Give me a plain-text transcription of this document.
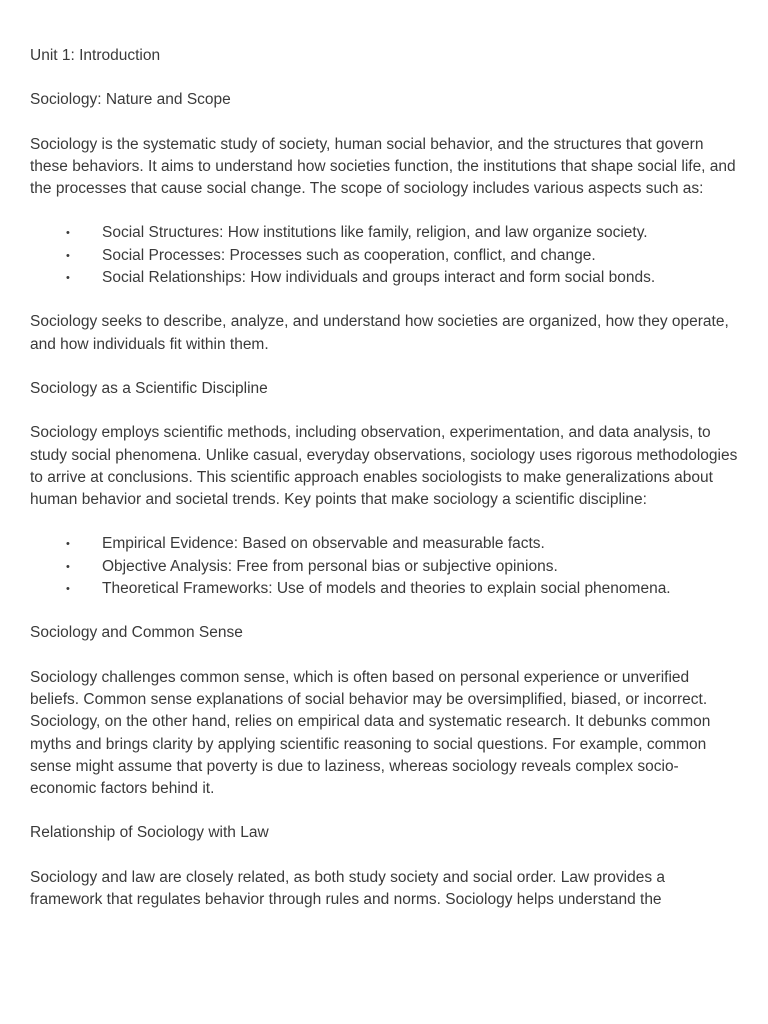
Unit 1: Introduction

Sociology: Nature and Scope

Sociology is the systematic study of society, human social behavior, and the structures that govern these behaviors. It aims to understand how societies function, the institutions that shape social life, and the processes that cause social change. The scope of sociology includes various aspects such as:

• Social Structures: How institutions like family, religion, and law organize society.
• Social Processes: Processes such as cooperation, conflict, and change.
• Social Relationships: How individuals and groups interact and form social bonds.

Sociology seeks to describe, analyze, and understand how societies are organized, how they operate, and how individuals fit within them.

Sociology as a Scientific Discipline

Sociology employs scientific methods, including observation, experimentation, and data analysis, to study social phenomena. Unlike casual, everyday observations, sociology uses rigorous methodologies to arrive at conclusions. This scientific approach enables sociologists to make generalizations about human behavior and societal trends. Key points that make sociology a scientific discipline:

• Empirical Evidence: Based on observable and measurable facts.
• Objective Analysis: Free from personal bias or subjective opinions.
• Theoretical Frameworks: Use of models and theories to explain social phenomena.

Sociology and Common Sense

Sociology challenges common sense, which is often based on personal experience or unverified beliefs. Common sense explanations of social behavior may be oversimplified, biased, or incorrect. Sociology, on the other hand, relies on empirical data and systematic research. It debunks common myths and brings clarity by applying scientific reasoning to social questions. For example, common sense might assume that poverty is due to laziness, whereas sociology reveals complex socio-economic factors behind it.

Relationship of Sociology with Law

Sociology and law are closely related, as both study society and social order. Law provides a framework that regulates behavior through rules and norms. Sociology helps understand the
